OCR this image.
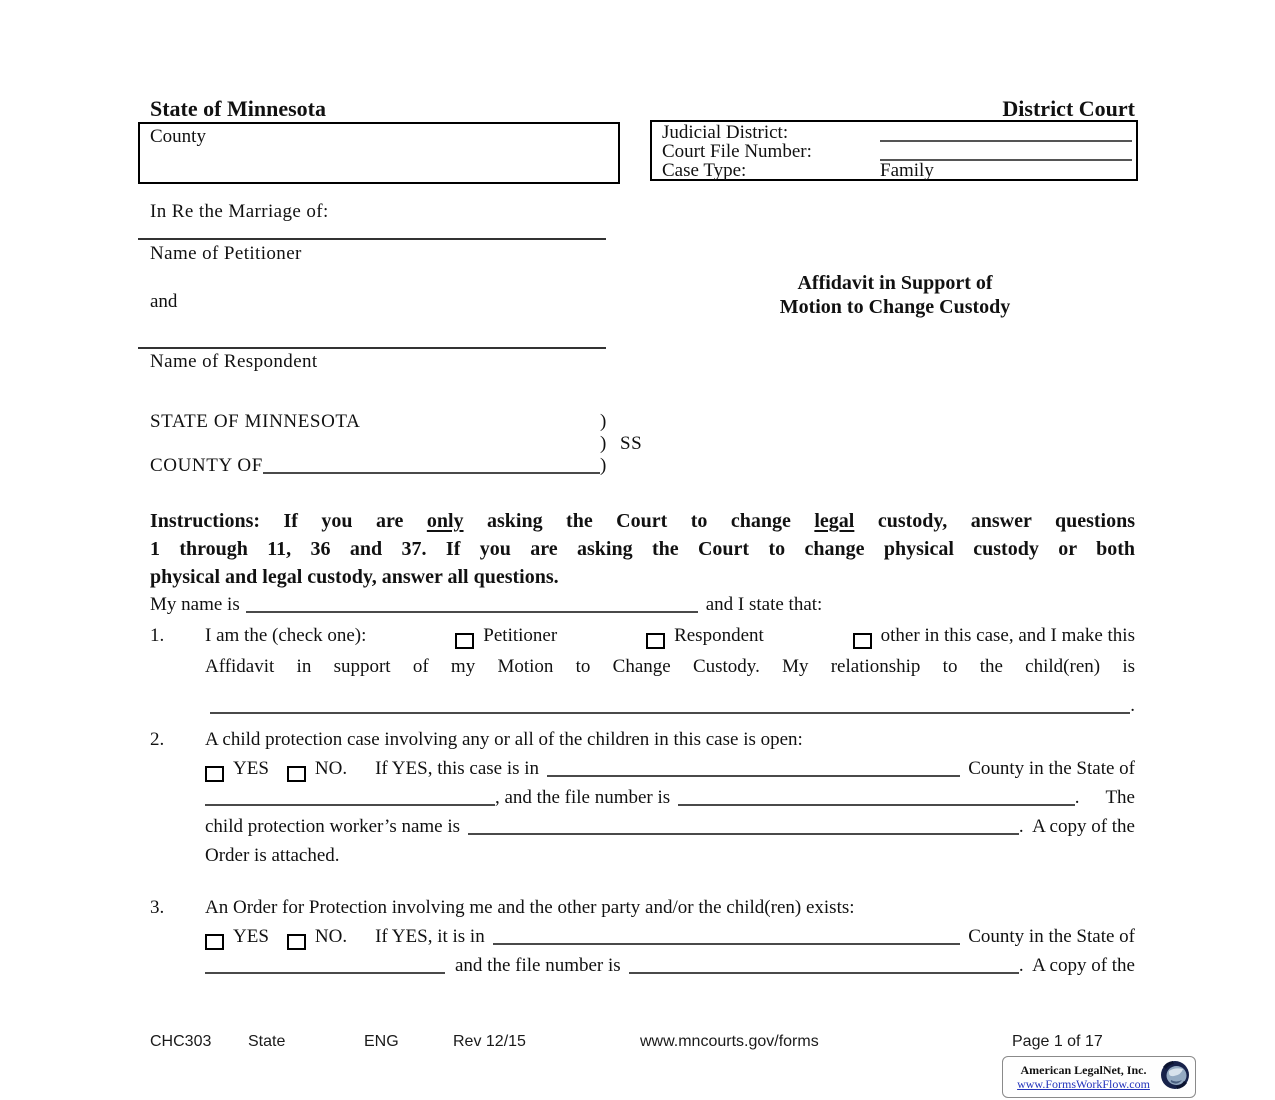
State of Minnesota	District Court
County	Judicial District:
Court File Number:
Case Type:	Family
In Re the Marriage of:
Name of Petitioner
and
Name of Respondent
Affidavit in Support of
Motion to Change Custody
STATE OF MINNESOTA	)
) SS
COUNTY OF	)
Instructions: If you are only asking the Court to change legal custody, answer questions
1 through 11, 36 and 37. If you are asking the Court to change physical custody or both
physical and legal custody, answer all questions.
My name is	and I state that:
1. I am the (check one):	Petitioner	Respondent	other in this case, and I make this
Affidavit in support of my Motion to Change Custody. My relationship to the child(ren) is
.
2. A child protection case involving any or all of the children in this case is open:
YES NO. If YES, this case is in	County in the State of
, and the file number is	. The
child protection worker’s name is	.  A copy of the
Order is attached.
3. An Order for Protection involving me and the other party and/or the child(ren) exists:
YES NO. If YES, it is in	County in the State of
and the file number is	.  A copy of the
CHC303 State	ENG	Rev 12/15	www.mncourts.gov/forms	Page 1 of 17
American LegalNet, Inc.
www.FormsWorkFlow.com
